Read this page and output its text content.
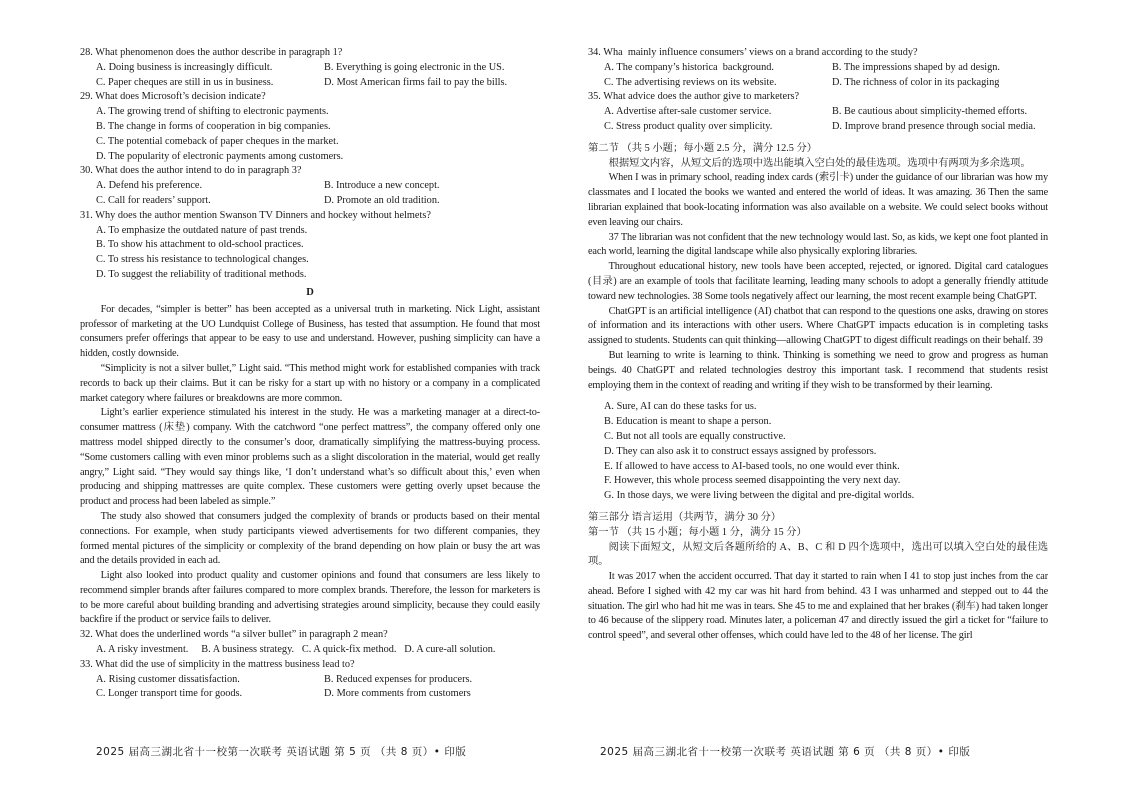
28. What phenomenon does the author describe in paragraph 1?
A. Doing business is increasingly difficult.	B. Everything is going electronic in the US.
C. Paper cheques are still in us in business.	D. Most American firms fail to pay the bills.
29. What does Microsoft’s decision indicate?
A. The growing trend of shifting to electronic payments.
B. The change in forms of cooperation in big companies.
C. The potential comeback of paper cheques in the market.
D. The popularity of electronic payments among customers.
30. What does the author intend to do in paragraph 3?
A. Defend his preference.	B. Introduce a new concept.
C. Call for readers’ support.	D. Promote an old tradition.
31. Why does the author mention Swanson TV Dinners and hockey without helmets?
A. To emphasize the outdated nature of past trends.
B. To show his attachment to old-school practices.
C. To stress his resistance to technological changes.
D. To suggest the reliability of traditional methods.
D

For decades, “simpler is better” has been accepted as a universal truth in marketing. Nick Light, assistant professor of marketing at the UO Lundquist College of Business, has tested that assumption. He found that most consumers prefer offerings that appear to be easy to use and understand. However, pushing simplicity can have a hidden, costly downside.

“Simplicity is not a silver bullet,” Light said. “This method might work for established companies with track records to back up their claims. But it can be risky for a start up with no history or a company in a complicated market category where failures or breakdowns are more common.

Light’s earlier experience stimulated his interest in the study. He was a marketing manager at a direct-to-consumer mattress (床垫) company. With the catchword “one perfect mattress”, the company offered only one mattress model shipped directly to the consumer’s door, dramatically simplifying the mattress-buying process. “Some customers calling with even minor problems such as a slight discoloration in the material, would get really angry,” Light said. “They would say things like, ‘I don’t understand what’s so difficult about this,’ even when producing and shipping mattresses are quite complex. These customers were getting overly upset because the product and process had been labeled as simple.”

The study also showed that consumers judged the complexity of brands or products based on their mental connections. For example, when study participants viewed advertisements for two different companies, they formed mental pictures of the simplicity or complexity of the brand depending on how plain or busy the art was and the details provided in each ad.

Light also looked into product quality and customer opinions and found that consumers are less likely to recommend simpler brands after failures compared to more complex brands. Therefore, the lesson for marketers is to be more careful about building branding and advertising strategies around simplicity, because they could easily backfire if the product or service fails to deliver.

32. What does the underlined words “a silver bullet” in paragraph 2 mean?
A. A risky investment.     B. A business strategy.   C. A quick-fix method.   D. A cure-all solution.
33. What did the use of simplicity in the mattress business lead to?
A. Rising customer dissatisfaction.	B. Reduced expenses for producers.
C. Longer transport time for goods.	D. More comments from customers
34. Wha  mainly influence consumers’ views on a brand according to the study?
A. The company’s historica  background.	B. The impressions shaped by ad design.
C. The advertising reviews on its website.	D. The richness of color in its packaging
35. What advice does the author give to marketers?
A. Advertise after-sale customer service.	B. Be cautious about simplicity-themed efforts.
C. Stress product quality over simplicity.	D. Improve brand presence through social media.
第二节 （共 5 小题；每小题 2.5 分，满分 12.5 分）

根据短文内容，从短文后的选项中选出能填入空白处的最佳选项。选项中有两项为多余选项。

When I was in primary school, reading index cards (索引卡) under the guidance of our librarian was how my classmates and I located the books we wanted and entered the world of ideas. It was amazing. 36 Then the same librarian explained that book-locating information was also available on a website. We could select books without even leaving our chairs.

37 The librarian was not confident that the new technology would last. So, as kids, we kept one foot planted in each world, learning the digital landscape while also physically exploring libraries.

Throughout educational history, new tools have been accepted, rejected, or ignored. Digital card catalogues (目录) are an example of tools that facilitate learning, leading many schools to adopt a generally friendly attitude toward new technologies. 38 Some tools negatively affect our learning, the most recent example being ChatGPT.

ChatGPT is an artificial intelligence (AI) chatbot that can respond to the questions one asks, drawing on stores of information and its interactions with other users. Where ChatGPT impacts education is in completing tasks assigned to students. Students can quit thinking—allowing ChatGPT to digest difficult readings on their behalf. 39

But learning to write is learning to think. Thinking is something we need to grow and progress as human beings. 40 ChatGPT and related technologies destroy this important task. I recommend that students resist employing them in the context of reading and writing if they wish to be transformed by their learning.

A. Sure, AI can do these tasks for us.
B. Education is meant to shape a person.
C. But not all tools are equally constructive.
D. They can also ask it to construct essays assigned by professors.
E. If allowed to have access to AI-based tools, no one would ever think.
F. However, this whole process seemed disappointing the very next day.
G. In those days, we were living between the digital and pre-digital worlds.
第三部分 语言运用（共两节，满分 30 分）
第一节 （共 15 小题；每小题 1 分，满分 15 分）

阅读下面短文，从短文后各题所给的 A、B、C 和 D 四个选项中，选出可以填入空白处的最佳选项。

It was 2017 when the accident occurred. That day it started to rain when I 41 to stop just inches from the car ahead. Before I sighed with 42 my car was hit hard from behind. 43 I was unharmed and stepped out to 44 the situation. The girl who had hit me was in tears. She 45 to me and explained that her brakes (刹车) had taken longer to 46 because of the slippery road. Minutes later, a policeman 47 and directly issued the girl a ticket for “failure to control speed”, and several other offenses, which could have led to the 48 of her license. The girl

2025 届高三湖北省十一校第一次联考 英语试题 第 5 页 （共 8 页）• 印版	2025 届高三湖北省十一校第一次联考 英语试题 第 6 页 （共 8 页）• 印版
